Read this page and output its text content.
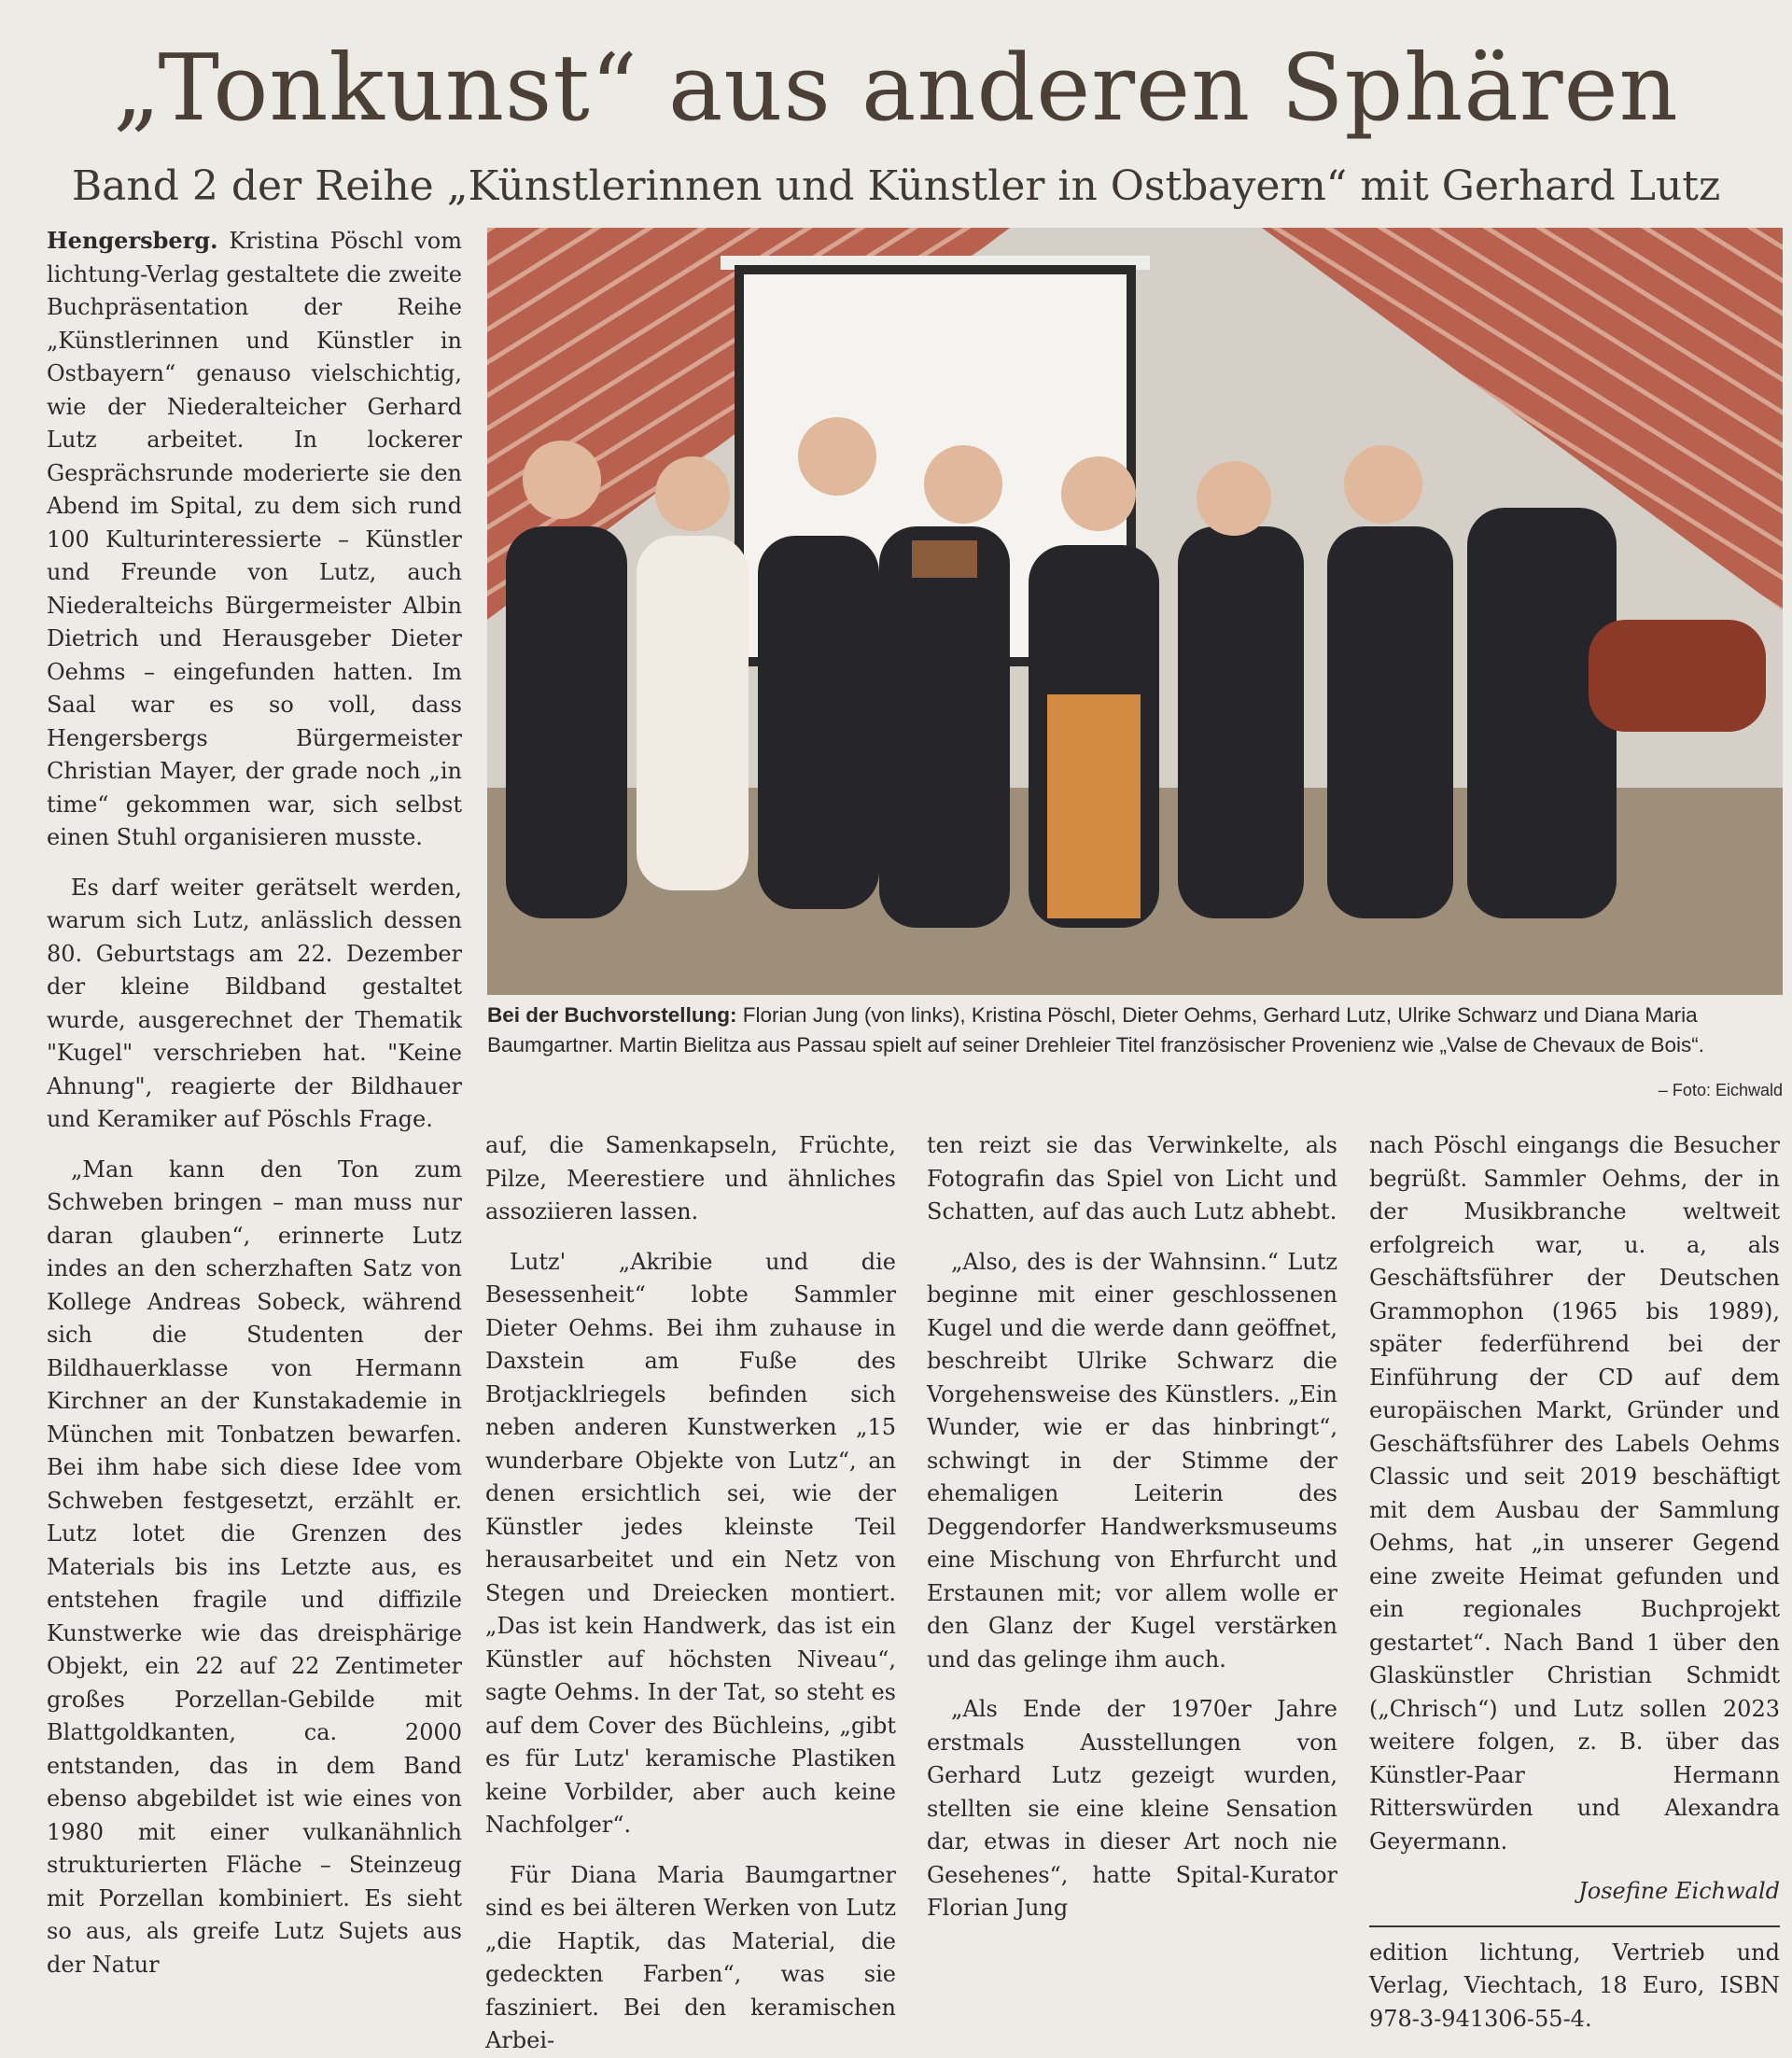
„Tonkunst“ aus anderen Sphären
Band 2 der Reihe „Künstlerinnen und Künstler in Ostbayern“ mit Gerhard Lutz

Hengersberg. Kristina Pöschl vom lichtung-Verlag gestaltete die zweite Buchpräsentation der Reihe „Künstlerinnen und Künstler in Ostbayern“ genauso vielschichtig, wie der Niederalteicher Gerhard Lutz arbeitet. In lockerer Gesprächsrunde moderierte sie den Abend im Spital, zu dem sich rund 100 Kulturinteressierte – Künstler und Freunde von Lutz, auch Niederalteichs Bürgermeister Albin Dietrich und Herausgeber Dieter Oehms – eingefunden hatten. Im Saal war es so voll, dass Hengersbergs Bürgermeister Christian Mayer, der grade noch „in time“ gekommen war, sich selbst einen Stuhl organisieren musste.

Es darf weiter gerätselt werden, warum sich Lutz, anlässlich dessen 80. Geburtstags am 22. Dezember der kleine Bildband gestaltet wurde, ausgerechnet der Thematik "Kugel" verschrieben hat. "Keine Ahnung", reagierte der Bildhauer und Keramiker auf Pöschls Frage.

„Man kann den Ton zum Schweben bringen – man muss nur daran glauben“, erinnerte Lutz indes an den scherzhaften Satz von Kollege Andreas Sobeck, während sich die Studenten der Bildhauerklasse von Hermann Kirchner an der Kunstakademie in München mit Tonbatzen bewarfen. Bei ihm habe sich diese Idee vom Schweben festgesetzt, erzählt er. Lutz lotet die Grenzen des Materials bis ins Letzte aus, es entstehen fragile und diffizile Kunstwerke wie das dreisphärige Objekt, ein 22 auf 22 Zentimeter großes Porzellan-Gebilde mit Blattgoldkanten, ca. 2000 entstanden, das in dem Band ebenso abgebildet ist wie eines von 1980 mit einer vulkanähnlich strukturierten Fläche – Steinzeug mit Porzellan kombiniert. Es sieht so aus, als greife Lutz Sujets aus der Natur

Bei der Buchvorstellung: Florian Jung (von links), Kristina Pöschl, Dieter Oehms, Gerhard Lutz, Ulrike Schwarz und Diana Maria Baumgartner. Martin Bielitza aus Passau spielt auf seiner Drehleier Titel französischer Provenienz wie „Valse de Chevaux de Bois“.
– Foto: Eichwald

auf, die Samenkapseln, Früchte, Pilze, Meerestiere und ähnliches assoziieren lassen.

Lutz' „Akribie und die Besessenheit“ lobte Sammler Dieter Oehms. Bei ihm zuhause in Daxstein am Fuße des Brotjacklriegels befinden sich neben anderen Kunstwerken „15 wunderbare Objekte von Lutz“, an denen ersichtlich sei, wie der Künstler jedes kleinste Teil herausarbeitet und ein Netz von Stegen und Dreiecken montiert. „Das ist kein Handwerk, das ist ein Künstler auf höchsten Niveau“, sagte Oehms. In der Tat, so steht es auf dem Cover des Büchleins, „gibt es für Lutz' keramische Plastiken keine Vorbilder, aber auch keine Nachfolger“.

Für Diana Maria Baumgartner sind es bei älteren Werken von Lutz „die Haptik, das Material, die gedeckten Farben“, was sie fasziniert. Bei den keramischen Arbei-

ten reizt sie das Verwinkelte, als Fotografin das Spiel von Licht und Schatten, auf das auch Lutz abhebt.

„Also, des is der Wahnsinn.“ Lutz beginne mit einer geschlossenen Kugel und die werde dann geöffnet, beschreibt Ulrike Schwarz die Vorgehensweise des Künstlers. „Ein Wunder, wie er das hinbringt“, schwingt in der Stimme der ehemaligen Leiterin des Deggendorfer Handwerksmuseums eine Mischung von Ehrfurcht und Erstaunen mit; vor allem wolle er den Glanz der Kugel verstärken und das gelinge ihm auch.

„Als Ende der 1970er Jahre erstmals Ausstellungen von Gerhard Lutz gezeigt wurden, stellten sie eine kleine Sensation dar, etwas in dieser Art noch nie Gesehenes“, hatte Spital-Kurator Florian Jung

nach Pöschl eingangs die Besucher begrüßt. Sammler Oehms, der in der Musikbranche weltweit erfolgreich war, u. a, als Geschäftsführer der Deutschen Grammophon (1965 bis 1989), später federführend bei der Einführung der CD auf dem europäischen Markt, Gründer und Geschäftsführer des Labels Oehms Classic und seit 2019 beschäftigt mit dem Ausbau der Sammlung Oehms, hat „in unserer Gegend eine zweite Heimat gefunden und ein regionales Buchprojekt gestartet“. Nach Band 1 über den Glaskünstler Christian Schmidt („Chrisch“) und Lutz sollen 2023 weitere folgen, z. B. über das Künstler-Paar Hermann Ritterswürden und Alexandra Geyermann.

Josefine Eichwald

edition lichtung, Vertrieb und Verlag, Viechtach, 18 Euro, ISBN 978-3-941306-55-4.
